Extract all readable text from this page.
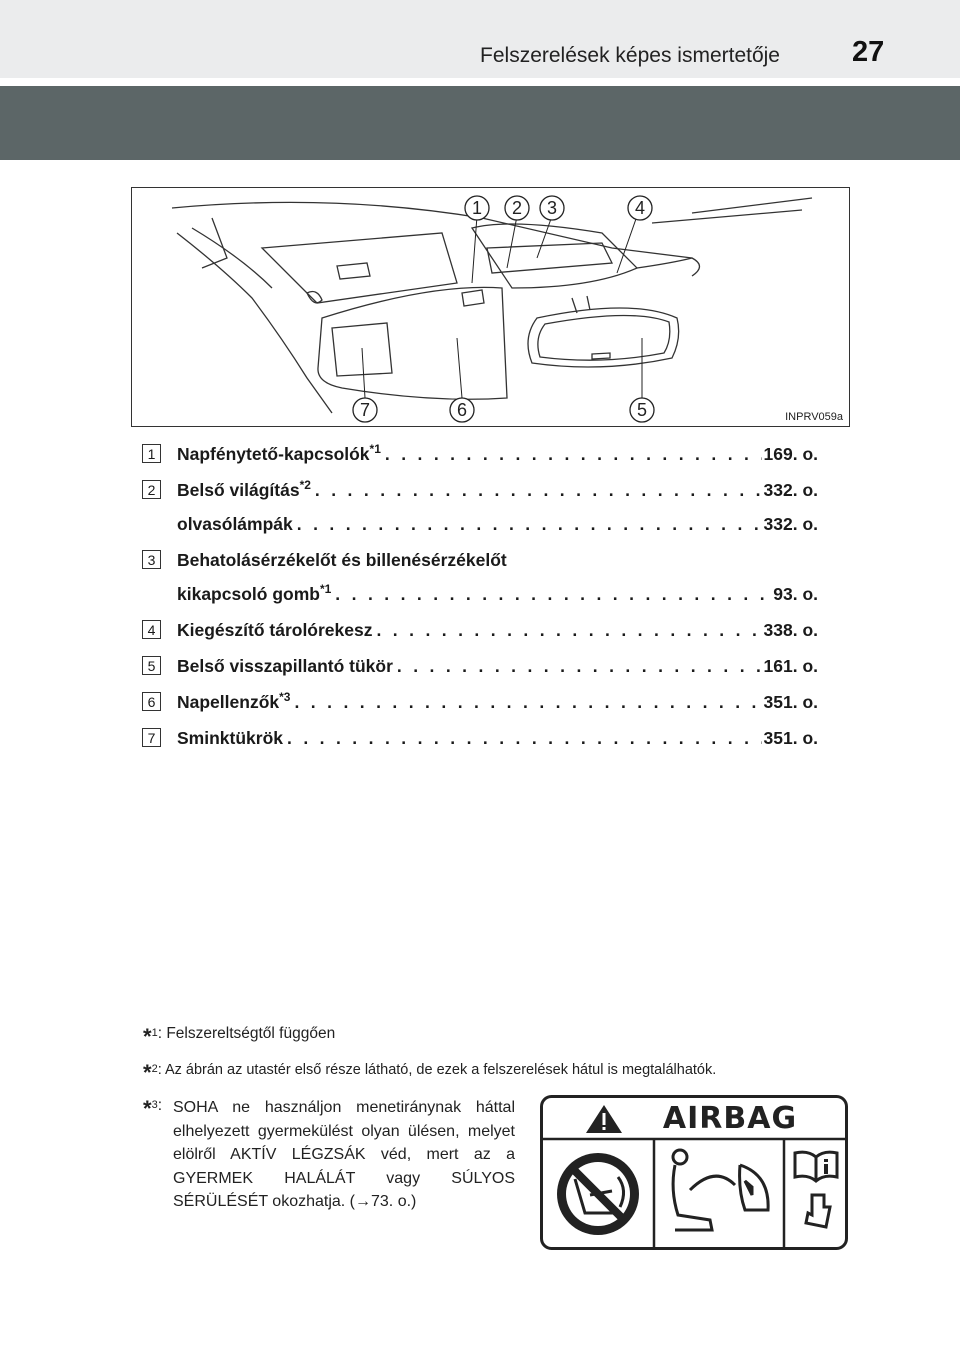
Felszerelések képes ismertetője 27
1 2 3	4
5
6
7	INPRV059a
1	Napfénytető-kapcsolók$^{*1}$ . . .	169. o.
2	Belső világítás$^{*2}$ . . .	332. o.
olvasólámpák . . .	332. o.
3	Behatolásérzékelőt és billenésérzékelőt
kikapcsoló gomb$^{*1}$ . . .	93. o.
4	Kiegészítő tárolórekesz . . .	338. o.
5	Belső visszapillantó tükör . . .	161. o.
6	Napellenzők$^{*3}$ . . .	351. o.
7	Sminktükrök . . .	351. o.
*$^1$: Felszereltségtől függően
*$^2$: Az ábrán az utastér első része látható, de ezek a felszerelések hátul is megtalálhatók.
*$^3$: SOHA ne használjon menetiránynak háttal elhelyezett gyermekülést olyan ülésen, melyet elölről AKTÍV LÉGZSÁK véd, mert az a GYERMEK HALÁLÁT vagy SÚLYOS SÉRÜLÉSÉT okozhatja. (→73. o.)
AIRBAG
